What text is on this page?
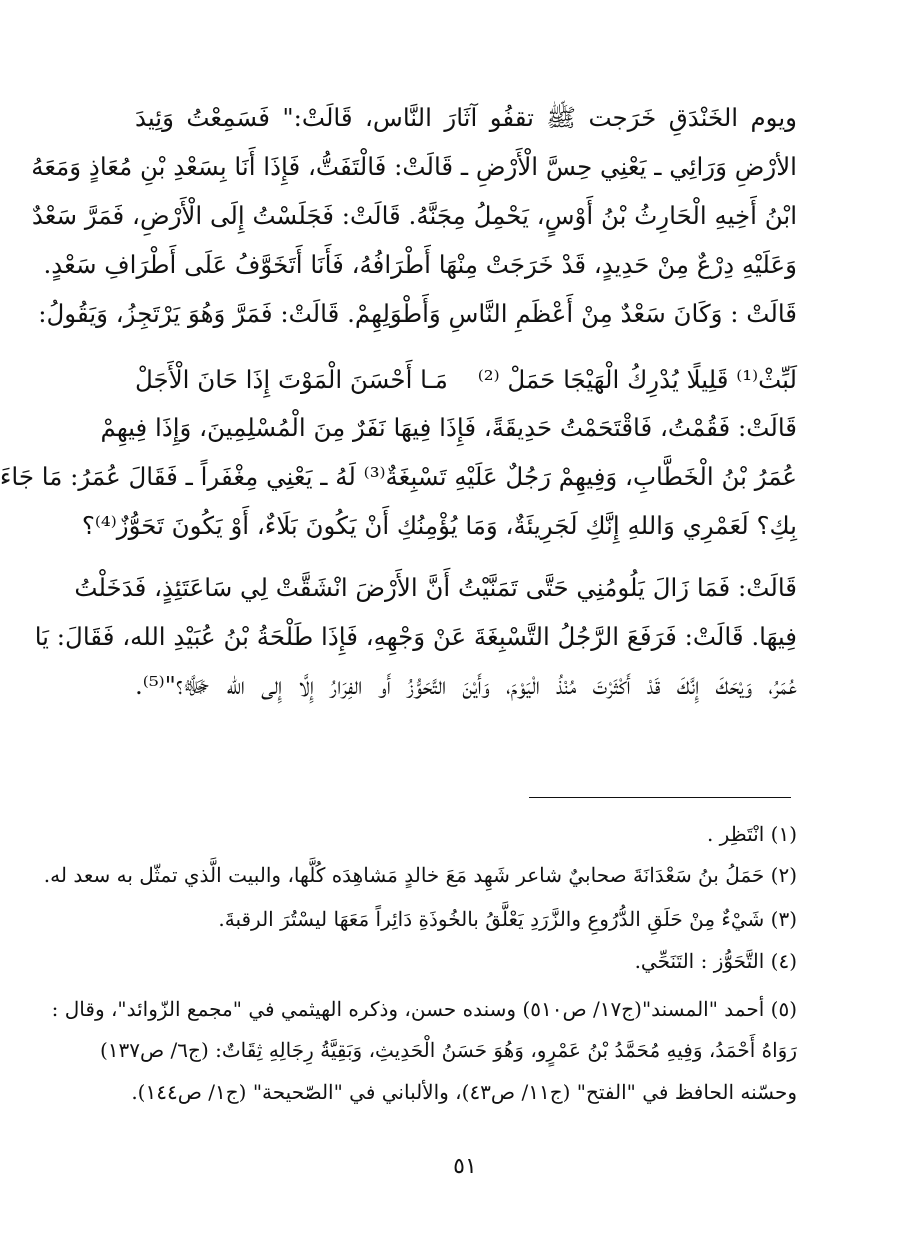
ويوم الخَنْدَقِ خَرَجت ﷺ تقفُو آثَارَ النَّاس، قَالَتْ:" فَسَمِعْتُ وَئِيدَ
الأرْضِ وَرَائِي ـ يَعْنِي حِسَّ الْأَرْضِ ـ قَالَتْ: فَالْتَفَتُّ، فَإِذَا أَنَا بِسَعْدِ بْنِ مُعَاذٍ وَمَعَهُ
ابْنُ أَخِيهِ الْحَارِثُ بْنُ أَوْسٍ، يَحْمِلُ مِجَنَّهُ. قَالَتْ: فَجَلَسْتُ إِلَى الْأَرْضِ، فَمَرَّ سَعْدٌ
وَعَلَيْهِ دِرْعٌ مِنْ حَدِيدٍ، قَدْ خَرَجَتْ مِنْهَا أَطْرَافُهُ، فَأَنَا أَتَخَوَّفُ عَلَى أَطْرَافِ سَعْدٍ.
قَالَتْ : وَكَانَ سَعْدٌ مِنْ أَعْظَمِ النَّاسِ وَأَطْوَلِهِمْ. قَالَتْ: فَمَرَّ وَهُوَ يَرْتَجِزُ، وَيَقُولُ:
لَبِّثْ⁽¹⁾ قَلِيلًا يُدْرِكُ الْهَيْجَا حَمَلْ ⁽²⁾
مَـا أَحْسَنَ الْمَوْتَ إِذَا حَانَ الْأَجَلْ
قَالَتْ: فَقُمْتُ، فَاقْتَحَمْتُ حَدِيقَةً، فَإِذَا فِيهَا نَفَرٌ مِنَ الْمُسْلِمِينَ، وَإِذَا فِيهِمْ
عُمَرُ بْنُ الْخَطَّابِ، وَفِيهِمْ رَجُلٌ عَلَيْهِ تَسْبِغَةٌ⁽³⁾ لَهُ ـ يَعْنِي مِغْفَراً ـ فَقَالَ عُمَرُ: مَا جَاءَ
بِكِ؟ لَعَمْرِي وَاللهِ إِنَّكِ لَجَرِيئَةٌ، وَمَا يُؤْمِنُكِ أَنْ يَكُونَ بَلَاءٌ، أَوْ يَكُونَ تَحَوُّزٌ⁽⁴⁾؟
قَالَتْ: فَمَا زَالَ يَلُومُنِي حَتَّى تَمَنَّيْتُ أَنَّ الأَرْضَ انْشَقَّتْ لِي سَاعَتَئِذٍ، فَدَخَلْتُ
فِيهَا. قَالَتْ: فَرَفَعَ الرَّجُلُ التَّسْبِغَةَ عَنْ وَجْهِهِ، فَإِذَا طَلْحَةُ بْنُ عُبَيْدِ الله، فَقَالَ: يَا
عُمَرُ، وَيْحَكَ إِنَّكَ قَدْ أَكْثَرْتَ مُنْذُ الْيَوْمَ، وَأَيْنَ التَّحَوُّزُ أَو الفِرَارُ إِلَّا إِلى الله ﷻ؟"⁽⁵⁾.
(١) انْتَظِر .
(٢) حَمَلُ بنُ سَعْدَانَةَ صحابيٌ شاعر شَهِد مَعَ خالدٍ مَشاهِدَه كُلَّها، والبيت الَّذي تمثّل به سعد له.
(٣) شَيْءٌ مِنْ حَلَقِ الدُّرُوعِ والزَّرَدِ يَعْلَّقُ بالخُوذَةِ دَائِراً مَعَهَا ليسْتُرَ الرقبةَ.
(٤) التَّحَوُّز : التَنَحِّي.
(٥) أحمد "المسند"(ج١٧/ ص٥١٠) وسنده حسن، وذكره الهيثمي في "مجمع الزّوائد"، وقال :
رَوَاهُ أَحْمَدُ، وَفِيهِ مُحَمَّدُ بْنُ عَمْرٍو، وَهُوَ حَسَنُ الْحَدِيثِ، وَبَقِيَّةُ رِجَالِهِ ثِقَاتٌ: (ج٦/ ص١٣٧)
وحسّنه الحافظ في "الفتح" (ج١١/ ص٤٣)، والألباني في "الصّحيحة" (ج١/ ص١٤٤).
٥١
